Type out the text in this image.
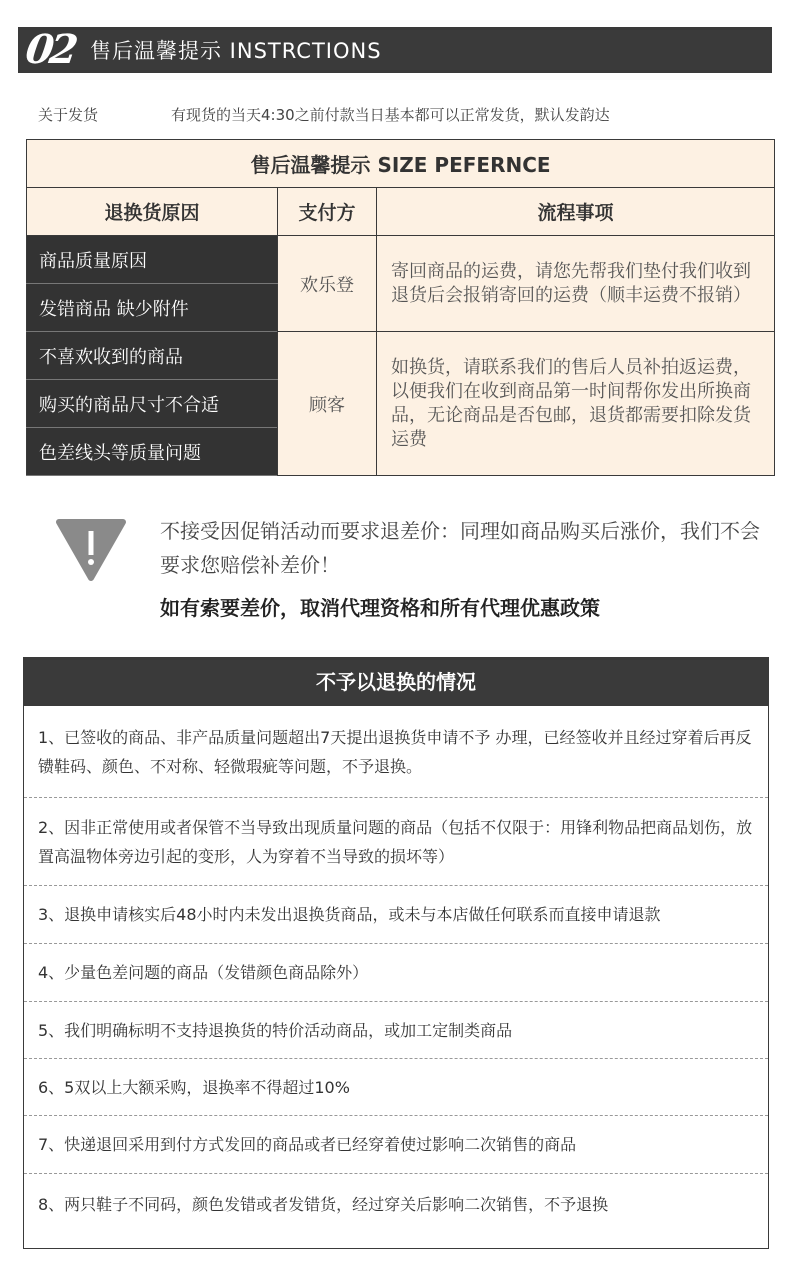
02 售后温馨提示 INSTRCTIONS
关于发货	有现货的当天4:30之前付款当日基本都可以正常发货，默认发韵达
售后温馨提示 SIZE PEFERNCE		
退换货原因	支付方	流程事项
商品质量原因	欢乐登	寄回商品的运费，请您先帮我们垫付我们收到退货后会报销寄回的运费（顺丰运费不报销）
发错商品 缺少附件		
不喜欢收到的商品	顾客	如换货，请联系我们的售后人员补拍返运费，以便我们在收到商品第一时间帮你发出所换商品，无论商品是否包邮，退货都需要扣除发货运费
购买的商品尺寸不合适		
色差线头等质量问题		
不接受因促销活动而要求退差价：同理如商品购买后涨价，我们不会要求您赔偿补差价！
如有索要差价，取消代理资格和所有代理优惠政策
不予以退换的情况
1、已签收的商品、非产品质量问题超出7天提出退换货申请不予 办理，已经签收并且经过穿着后再反镄鞋码、颜色、不对称、轻微瑕疵等问题，不予退换。
2、因非正常使用或者保管不当导致出现质量问题的商品（包括不仅限于：用锋利物品把商品划伤，放置高温物体旁边引起的变形，人为穿着不当导致的损坏等）
3、退换申请核实后48小时内未发出退换货商品，或未与本店做任何联系而直接申请退款
4、少量色差问题的商品（发错颜色商品除外）
5、我们明确标明不支持退换货的特价活动商品，或加工定制类商品
6、5双以上大额采购，退换率不得超过10%
7、快递退回采用到付方式发回的商品或者已经穿着使过影响二次销售的商品
8、两只鞋子不同码，颜色发错或者发错货，经过穿关后影响二次销售，不予退换
